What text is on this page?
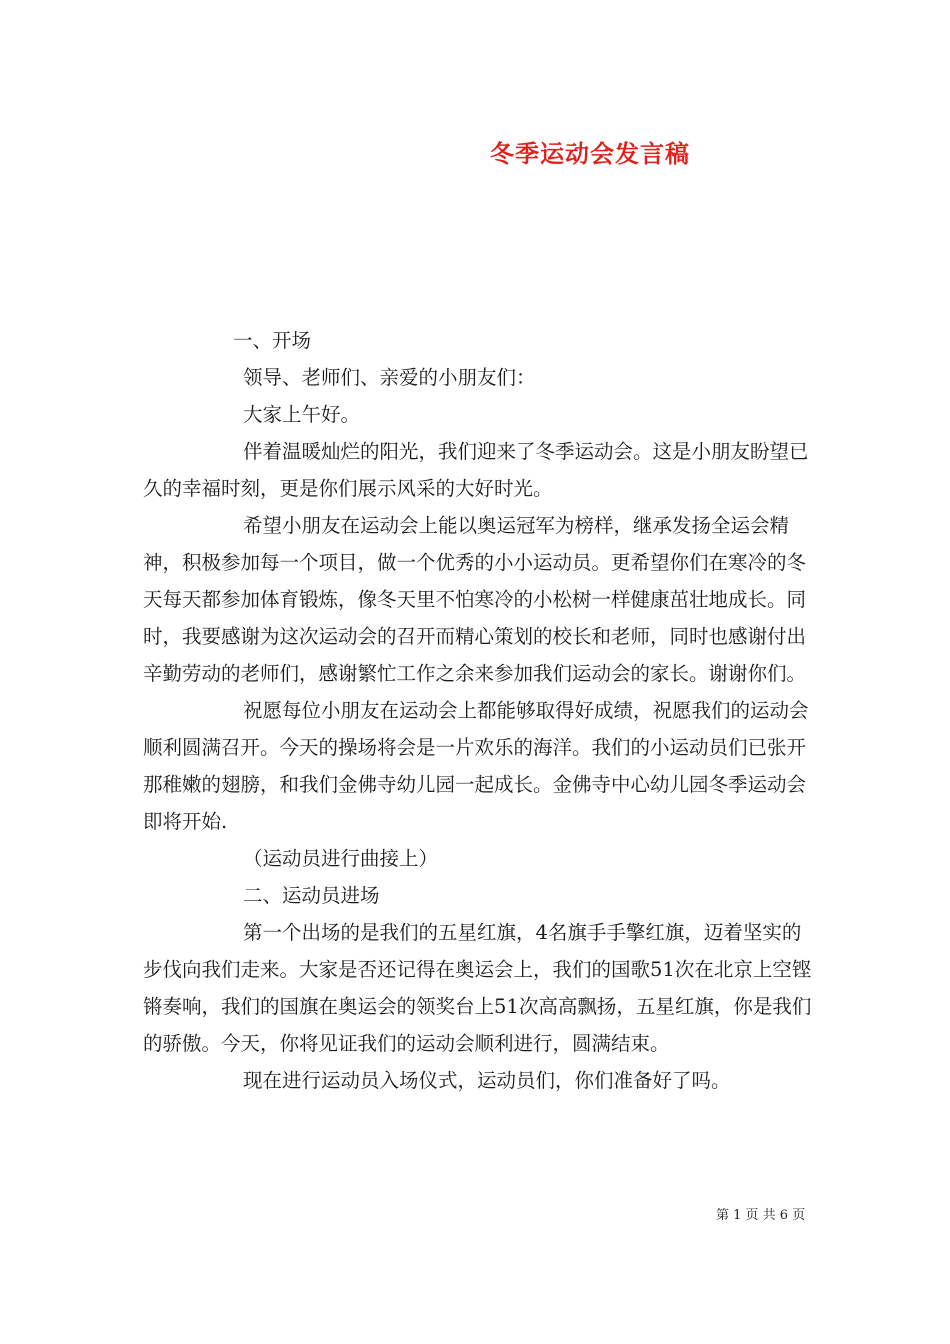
冬季运动会发言稿

一、开场

领导、老师们、亲爱的小朋友们：

大家上午好。

伴着温暖灿烂的阳光，我们迎来了冬季运动会。这是小朋友盼望已久的幸福时刻，更是你们展示风采的大好时光。

希望小朋友在运动会上能以奥运冠军为榜样，继承发扬全运会精神，积极参加每一个项目，做一个优秀的小小运动员。更希望你们在寒冷的冬天每天都参加体育锻炼，像冬天里不怕寒冷的小松树一样健康茁壮地成长。同时，我要感谢为这次运动会的召开而精心策划的校长和老师，同时也感谢付出辛勤劳动的老师们，感谢繁忙工作之余来参加我们运动会的家长。谢谢你们。

祝愿每位小朋友在运动会上都能够取得好成绩，祝愿我们的运动会顺利圆满召开。今天的操场将会是一片欢乐的海洋。我们的小运动员们已张开那稚嫩的翅膀，和我们金佛寺幼儿园一起成长。金佛寺中心幼儿园冬季运动会即将开始.

（运动员进行曲接上）

二、运动员进场

第一个出场的是我们的五星红旗，4名旗手手擎红旗，迈着坚实的步伐向我们走来。大家是否还记得在奥运会上，我们的国歌51次在北京上空铿锵奏响，我们的国旗在奥运会的领奖台上51次高高飘扬，五星红旗，你是我们的骄傲。今天，你将见证我们的运动会顺利进行，圆满结束。

现在进行运动员入场仪式，运动员们，你们准备好了吗。

第 1 页 共 6 页
